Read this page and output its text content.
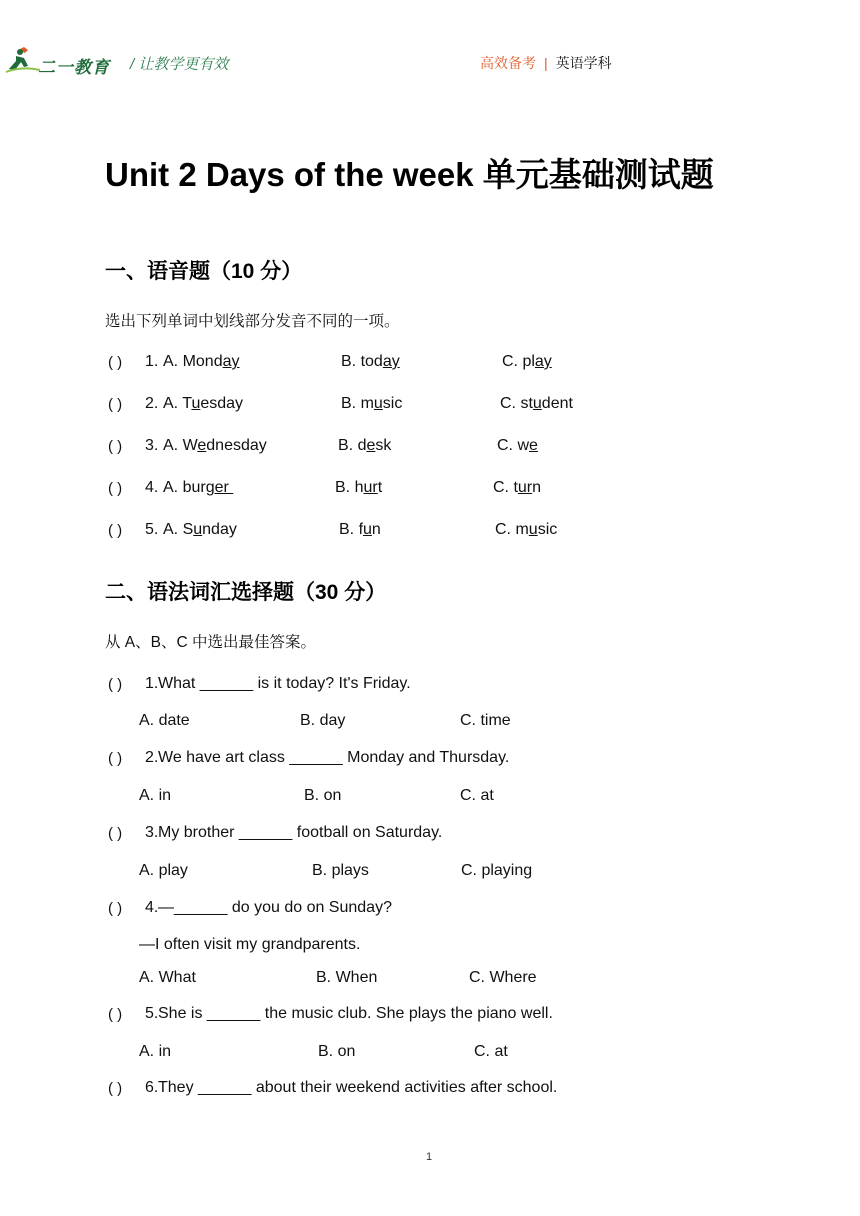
二一教育 / 让教学更有效	高效备考 | 英语学科
Unit 2 Days of the week 单元基础测试题
一、语音题（10 分）
选出下列单词中划线部分发音不同的一项。
( ) 1. A. Monday	B. today	C. play
( ) 2. A. Tuesday	B. music	C. student
( ) 3. A. Wednesday	B. desk	C. we
( ) 4. A. burger	B. hurt	C. turn
( ) 5. A. Sunday	B. fun	C. music
二、语法词汇选择题（30 分）
从 A、B、C 中选出最佳答案。
( ) 1. What ______ is it today? It's Friday.
A. date	B. day	C. time
( ) 2. We have art class ______ Monday and Thursday.
A. in	B. on	C. at
( ) 3. My brother ______ football on Saturday.
A. play	B. plays	C. playing
( ) 4. —______ do you do on Sunday?
—I often visit my grandparents.
A. What	B. When	C. Where
( ) 5. She is ______ the music club. She plays the piano well.
A. in	B. on	C. at
( ) 6. They ______ about their weekend activities after school.
1
